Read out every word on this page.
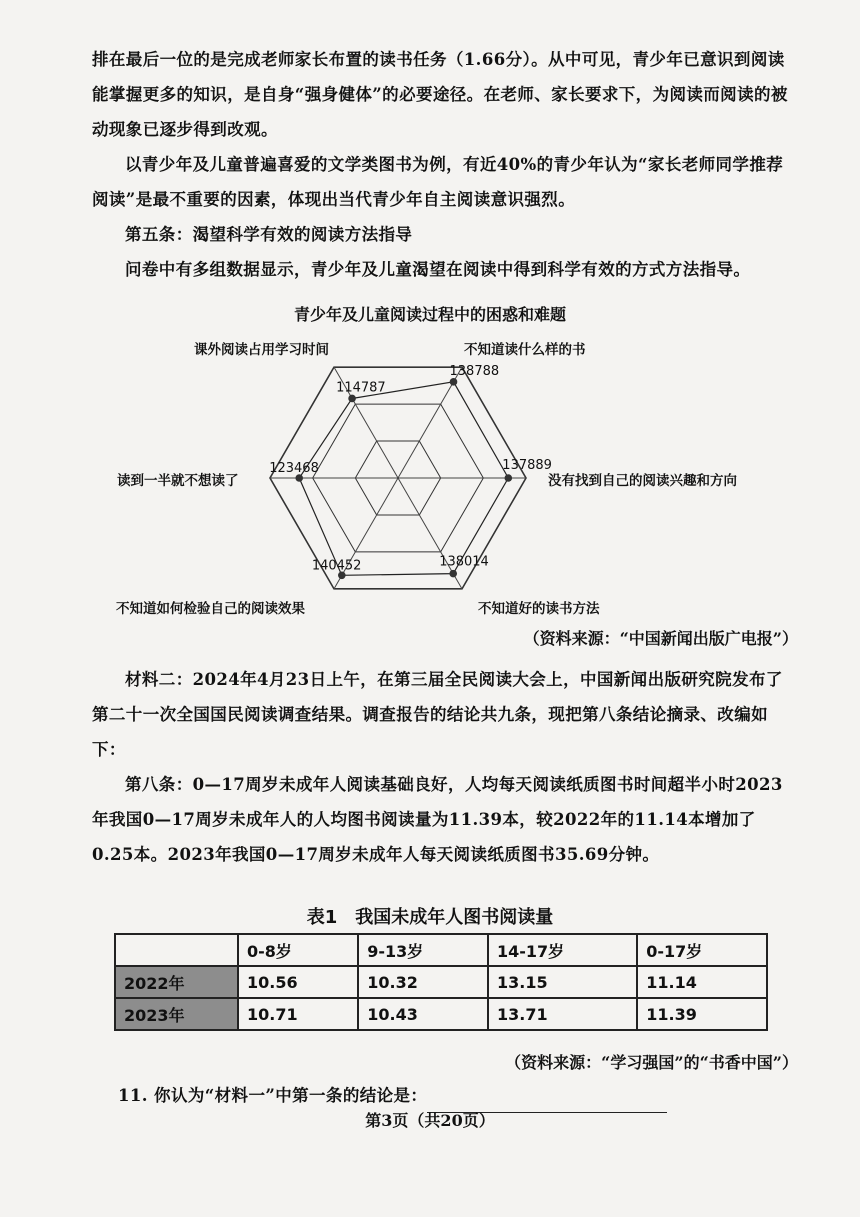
排在最后一位的是完成老师家长布置的读书任务（1.66分）。从中可见，青少年已意识到阅读能掌握更多的知识，是自身“强身健体”的必要途径。在老师、家长要求下，为阅读而阅读的被动现象已逐步得到改观。

以青少年及儿童普遍喜爱的文学类图书为例，有近40%的青少年认为“家长老师同学推荐阅读”是最不重要的因素，体现出当代青少年自主阅读意识强烈。

第五条：渴望科学有效的阅读方法指导

问卷中有多组数据显示，青少年及儿童渴望在阅读中得到科学有效的方式方法指导。

青少年及儿童阅读过程中的困惑和难题
138788
137889
138014
140452
123468
114787
不知道读什么样的书
没有找到自己的阅读兴趣和方向
不知道好的读书方法
不知道如何检验自己的阅读效果
读到一半就不想读了
课外阅读占用学习时间
（资料来源：“中国新闻出版广电报”）

材料二：2024年4月23日上午，在第三届全民阅读大会上，中国新闻出版研究院发布了第二十一次全国国民阅读调查结果。调查报告的结论共九条，现把第八条结论摘录、改编如下：

第八条：0—17周岁未成年人阅读基础良好，人均每天阅读纸质图书时间超半小时2023年我国0—17周岁未成年人的人均图书阅读量为11.39本，较2022年的11.14本增加了0.25本。2023年我国0—17周岁未成年人每天阅读纸质图书35.69分钟。

表1　我国未成年人图书阅读量
	0-8岁	9-13岁	14-17岁	0-17岁
2022年	10.56	10.32	13.15	11.14
2023年	10.71	10.43	13.71	11.39
（资料来源：“学习强国”的“书香中国”）
11. 你认为“材料一”中第一条的结论是：
第3页（共20页）
